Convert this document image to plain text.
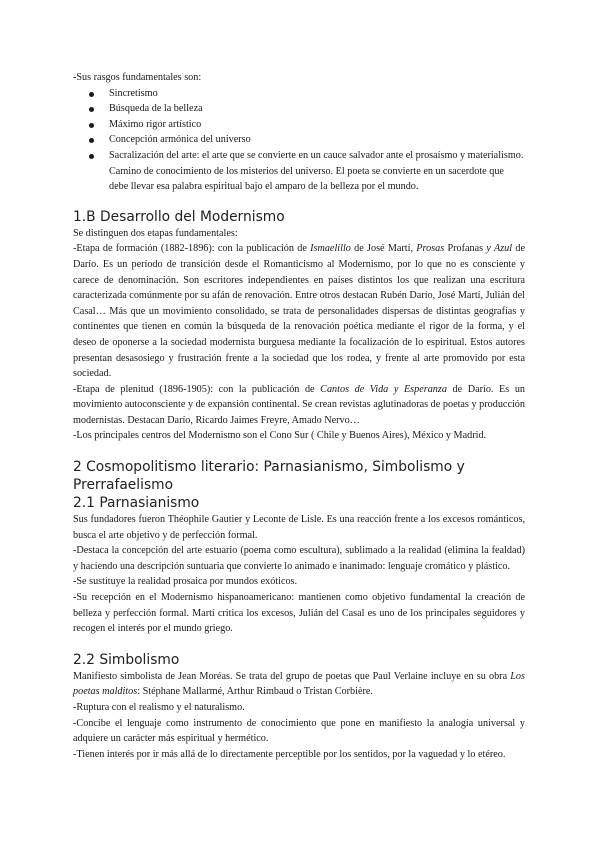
-Sus rasgos fundamentales son:

Sincretismo
Búsqueda de la belleza
Máximo rigor artístico
Concepción armónica del universo
Sacralización del arte: el arte que se convierte en un cauce salvador ante el prosaísmo y materialismo. Camino de conocimiento de los misterios del universo. El poeta se convierte en un sacerdote que debe llevar esa palabra espiritual bajo el amparo de la belleza por el mundo.
1.B Desarrollo del Modernismo

Se distinguen dos etapas fundamentales:

-Etapa de formación (1882-1896): con la publicación de Ismaelillo de José Martí, Prosas Profanas y Azul de Darío. Es un período de transición desde el Romanticismo al Modernismo, por lo que no es consciente y carece de denominación. Son escritores independientes en países distintos los que realizan una escritura caracterizada comúnmente por su afán de renovación. Entre otros destacan Rubén Darío, José Martí, Julián del Casal… Más que un movimiento consolidado, se trata de personalidades dispersas de distintas geografías y continentes que tienen en común la búsqueda de la renovación poética mediante el rigor de la forma, y el deseo de oponerse a la sociedad modernista burguesa mediante la focalización de lo espiritual. Estos autores presentan desasosiego y frustración frente a la sociedad que los rodea, y frente al arte promovido por esta sociedad.

-Etapa de plenitud (1896-1905): con la publicación de Cantos de Vida y Esperanza de Darío. Es un movimiento autoconsciente y de expansión continental. Se crean revistas aglutinadoras de poetas y producción modernistas. Destacan Darío, Ricardo Jaimes Freyre, Amado Nervo…

-Los principales centros del Modernismo son el Cono Sur ( Chile y Buenos Aires), México y Madrid.

2 Cosmopolitismo literario: Parnasianismo, Simbolismo y Prerrafaelismo
2.1 Parnasianismo

Sus fundadores fueron Théophile Gautier y Leconte de Lisle. Es una reacción frente a los excesos románticos, busca el arte objetivo y de perfección formal.

-Destaca la concepción del arte estuario (poema como escultura), sublimado a la realidad (elimina la fealdad) y haciendo una descripción suntuaria que convierte lo animado e inanimado: lenguaje cromático y plástico.

-Se sustituye la realidad prosaica por mundos exóticos.

-Su recepción en el Modernismo hispanoamericano: mantienen como objetivo fundamental la creación de belleza y perfección formal. Martí critica los excesos, Julián del Casal es uno de los principales seguidores y recogen el interés por el mundo griego.

2.2 Simbolismo

Manifiesto simbolista de Jean Moréas. Se trata del grupo de poetas que Paul Verlaine incluye en su obra Los poetas malditos: Stéphane Mallarmé, Arthur Rimbaud o Tristan Corbière.

-Ruptura con el realismo y el naturalismo.

-Concibe el lenguaje como instrumento de conocimiento que pone en manifiesto la analogía universal y adquiere un carácter más espiritual y hermético.

-Tienen interés por ir más allá de lo directamente perceptible por los sentidos, por la vaguedad y lo etéreo.
